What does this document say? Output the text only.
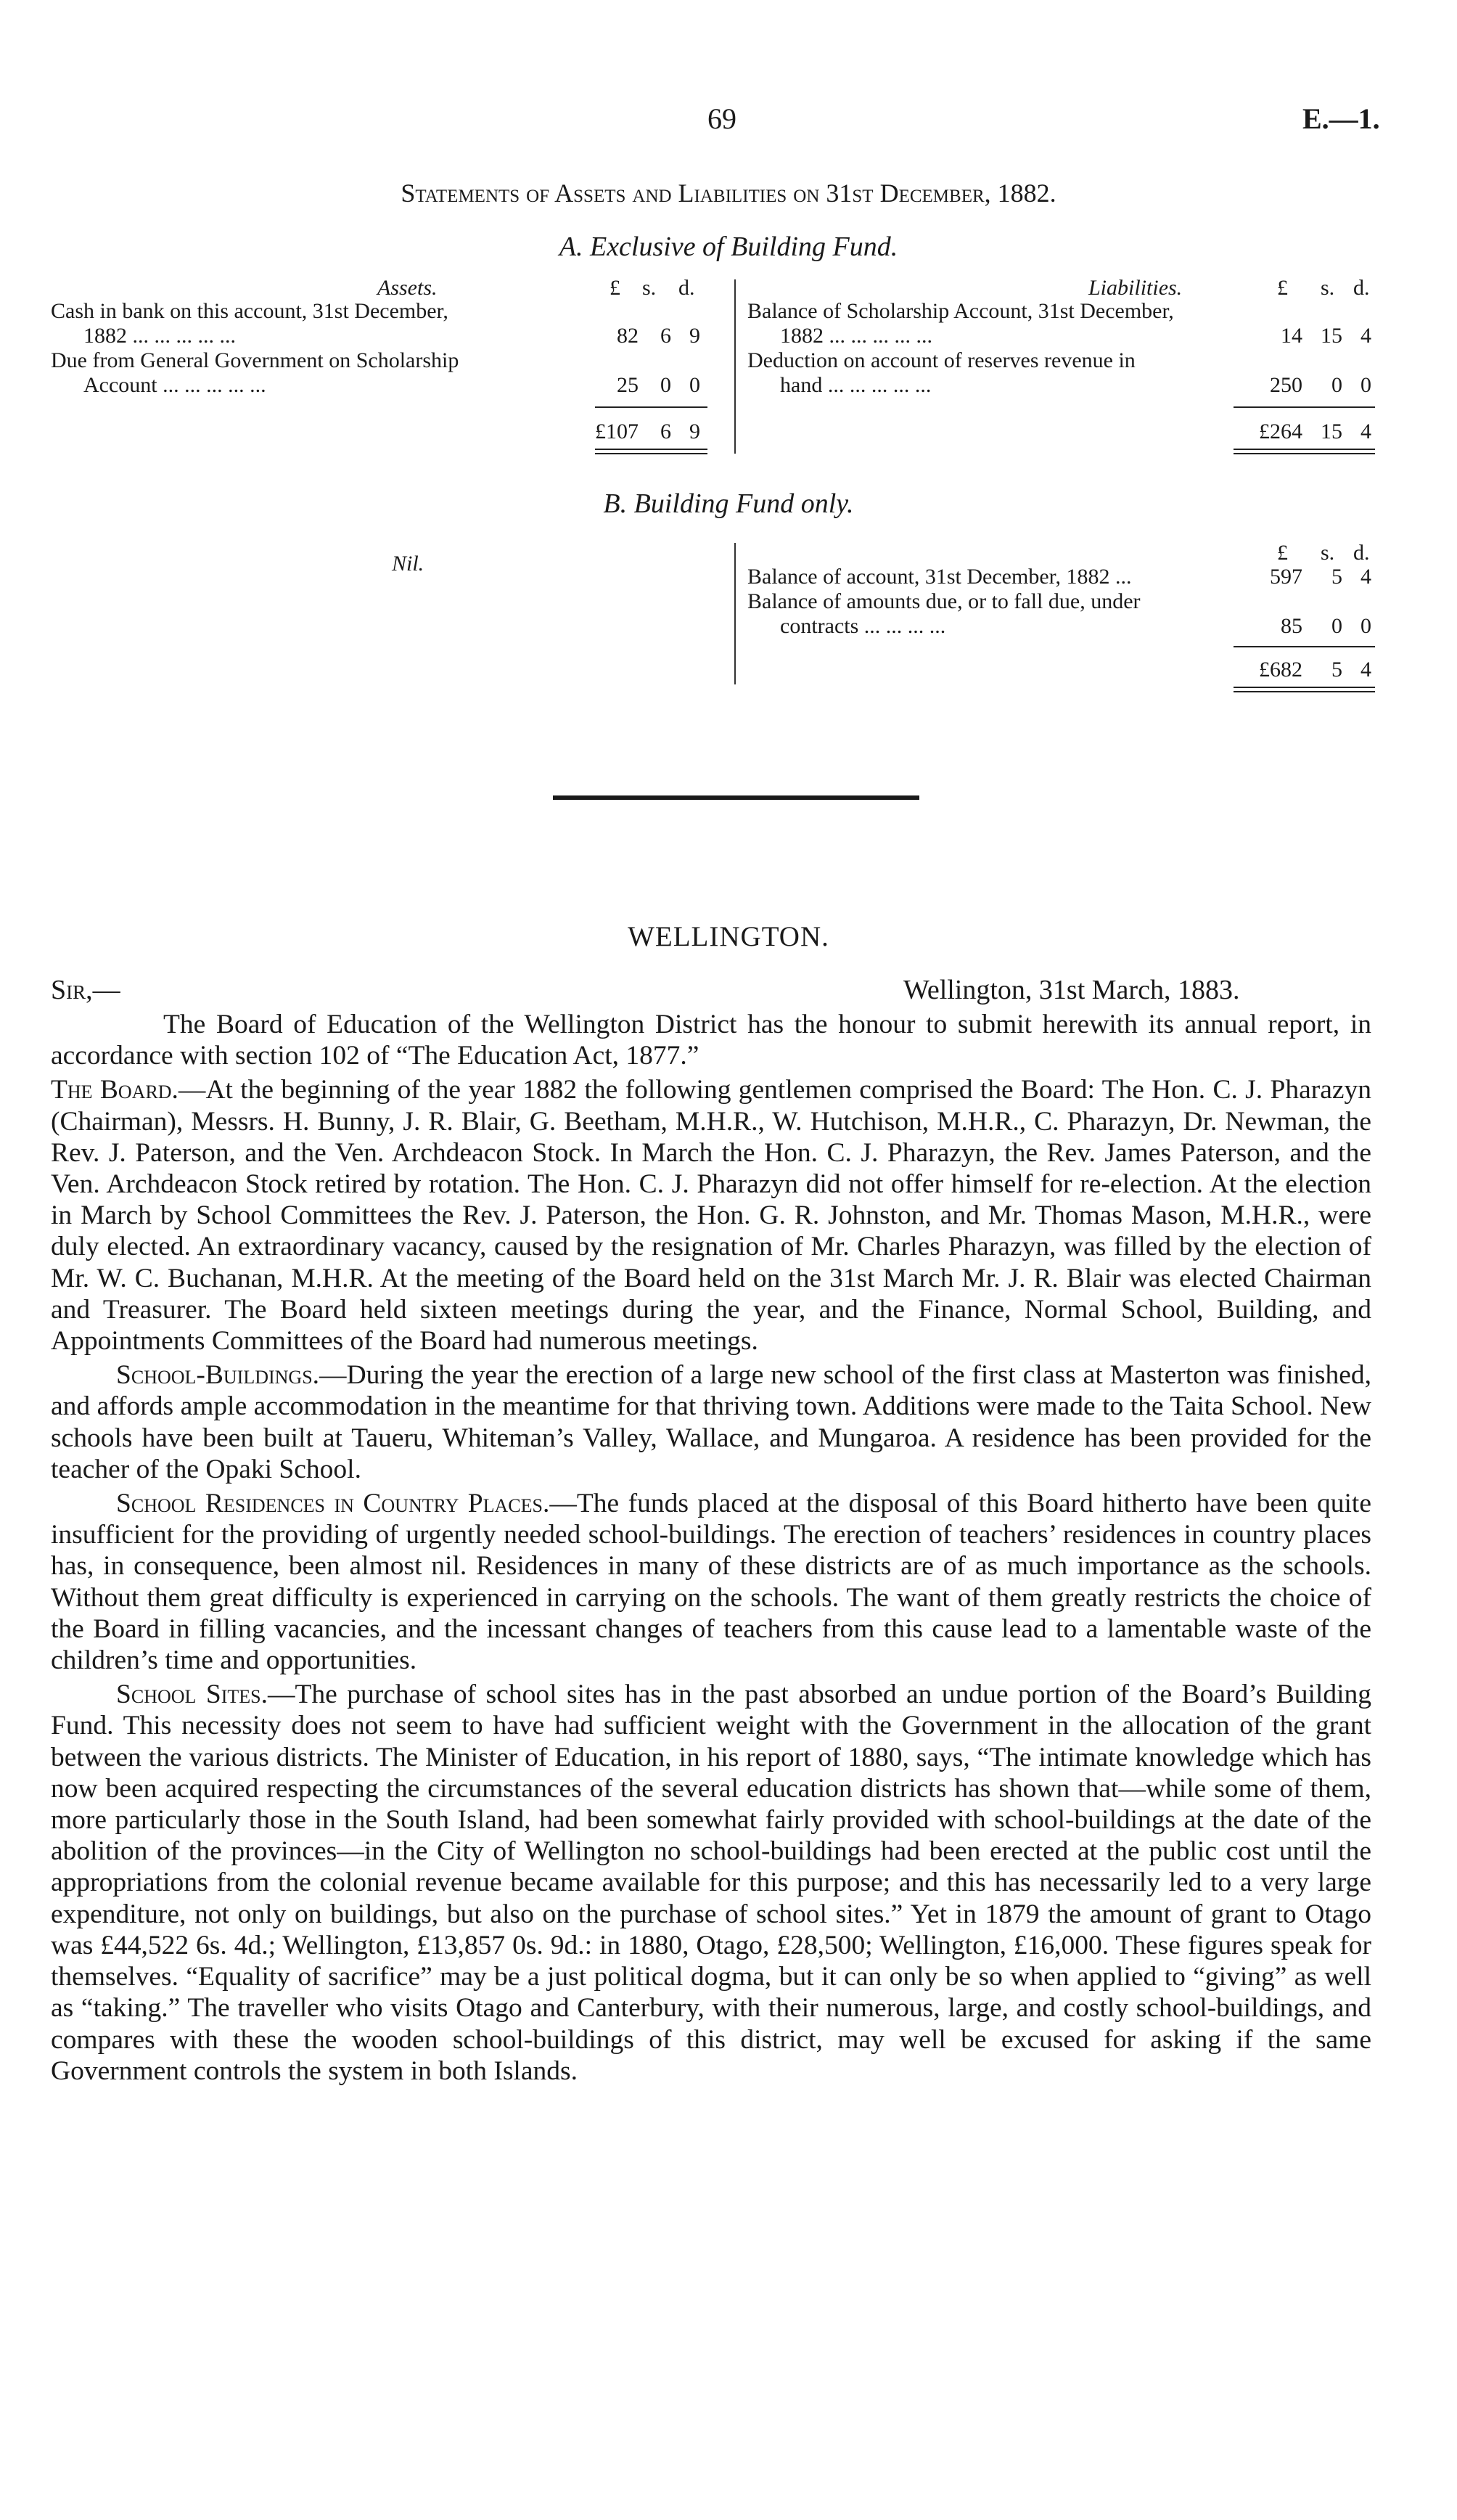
69	E.—1.
Statements of Assets and Liabilities on 31st December, 1882.
A. Exclusive of Building Fund.
Assets.	£ s. d.
Cash in bank on this account, 31st December,
1882 ... ... ... ... ...	82	6 9
Due from General Government on Scholarship
Account ... ... ... ... ...	25	0 0
£107	6 9
Liabilities.	£ s. d.
Balance of Scholarship Account, 31st December,
1882 ... ... ... ... ...	14 15 4
Deduction on account of reserves revenue in
hand ... ... ... ... ...	250	0 0
£264 15 4
B. Building Fund only.
Nil.	£ s. d.
Balance of account, 31st December, 1882 ...	597	5 4
Balance of amounts due, or to fall due, under
contracts ... ... ... ...	85	0 0
£682	5 4
WELLINGTON.
Sir,—	Wellington, 31st March, 1883.

The Board of Education of the Wellington District has the honour to submit herewith its annual report, in accordance with section 102 of “The Education Act, 1877.”

The Board.—At the beginning of the year 1882 the following gentlemen comprised the Board: The Hon. C. J. Pharazyn (Chairman), Messrs. H. Bunny, J. R. Blair, G. Beetham, M.H.R., W. Hutchison, M.H.R., C. Pharazyn, Dr. Newman, the Rev. J. Paterson, and the Ven. Archdeacon Stock. In March the Hon. C. J. Pharazyn, the Rev. James Paterson, and the Ven. Archdeacon Stock retired by rotation. The Hon. C. J. Pharazyn did not offer himself for re-election. At the election in March by School Committees the Rev. J. Paterson, the Hon. G. R. Johnston, and Mr. Thomas Mason, M.H.R., were duly elected. An extraordinary vacancy, caused by the resignation of Mr. Charles Pharazyn, was filled by the election of Mr. W. C. Buchanan, M.H.R. At the meeting of the Board held on the 31st March Mr. J. R. Blair was elected Chairman and Treasurer. The Board held sixteen meetings during the year, and the Finance, Normal School, Building, and Appointments Committees of the Board had numerous meetings.

School-Buildings.—During the year the erection of a large new school of the first class at Masterton was finished, and affords ample accommodation in the meantime for that thriving town. Additions were made to the Taita School. New schools have been built at Taueru, Whiteman’s Valley, Wallace, and Mungaroa. A residence has been provided for the teacher of the Opaki School.

School Residences in Country Places.—The funds placed at the disposal of this Board hitherto have been quite insufficient for the providing of urgently needed school-buildings. The erection of teachers’ residences in country places has, in consequence, been almost nil. Residences in many of these districts are of as much importance as the schools. Without them great difficulty is experienced in carrying on the schools. The want of them greatly restricts the choice of the Board in filling vacancies, and the incessant changes of teachers from this cause lead to a lamentable waste of the children’s time and opportunities.

School Sites.—The purchase of school sites has in the past absorbed an undue portion of the Board’s Building Fund. This necessity does not seem to have had sufficient weight with the Government in the allocation of the grant between the various districts. The Minister of Education, in his report of 1880, says, “The intimate knowledge which has now been acquired respecting the circumstances of the several education districts has shown that—while some of them, more particularly those in the South Island, had been somewhat fairly provided with school-buildings at the date of the abolition of the provinces—in the City of Wellington no school-buildings had been erected at the public cost until the appropriations from the colonial revenue became available for this purpose; and this has necessarily led to a very large expenditure, not only on buildings, but also on the purchase of school sites.” Yet in 1879 the amount of grant to Otago was £44,522 6s. 4d.; Wellington, £13,857 0s. 9d.: in 1880, Otago, £28,500; Wellington, £16,000. These figures speak for themselves. “Equality of sacrifice” may be a just political dogma, but it can only be so when applied to “giving” as well as “taking.” The traveller who visits Otago and Canterbury, with their numerous, large, and costly school-buildings, and compares with these the wooden school-buildings of this district, may well be excused for asking if the same Government controls the system in both Islands.
